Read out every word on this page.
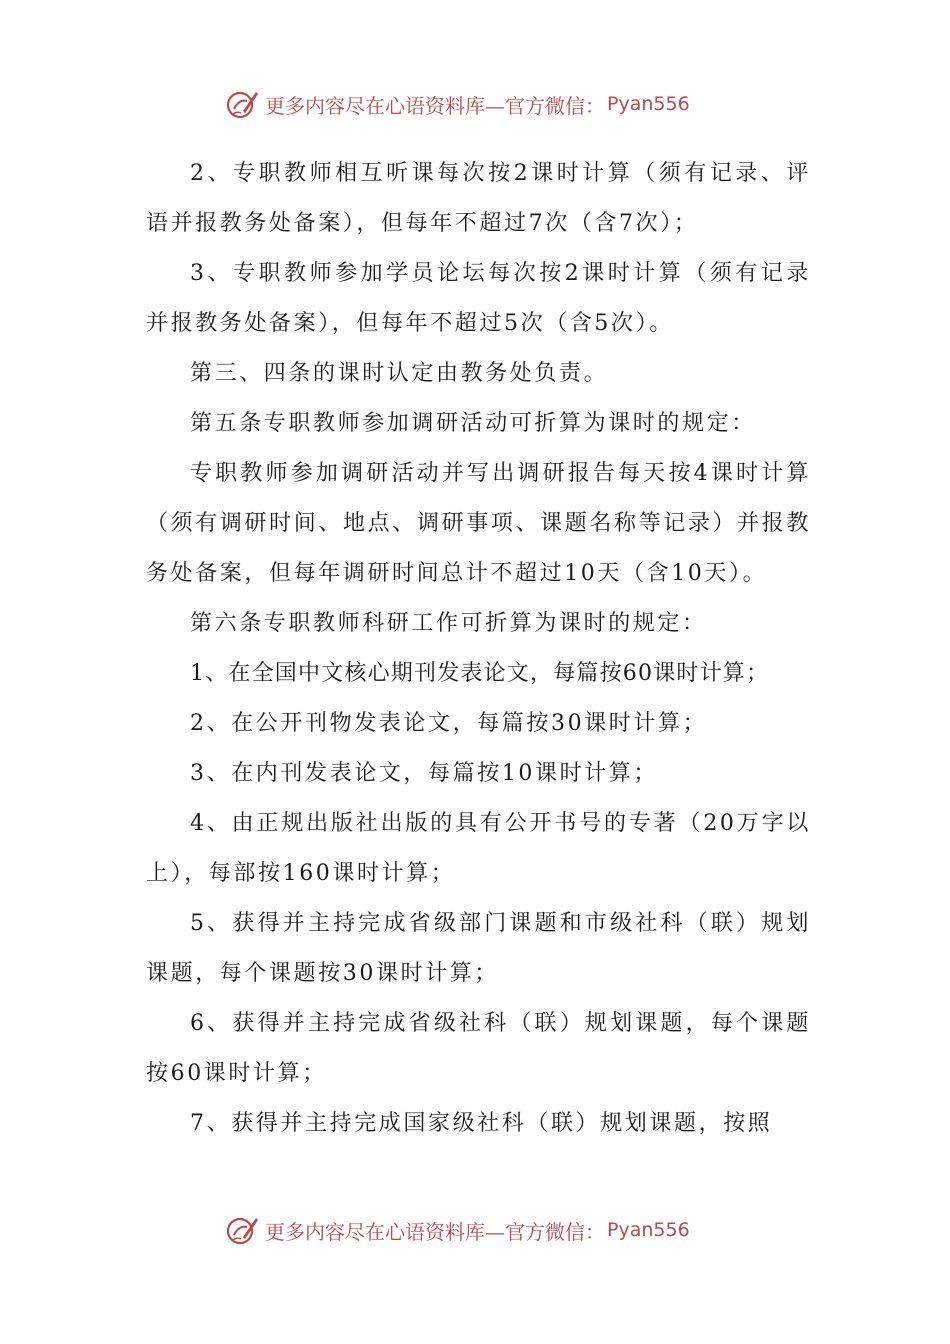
更多内容尽在心语资料库—官方微信： Pyan556

2、专职教师相互听课每次按2课时计算（须有记录、评语并报教务处备案），但每年不超过7次（含7次）；

3、专职教师参加学员论坛每次按2课时计算（须有记录并报教务处备案），但每年不超过5次（含5次）。

第三、四条的课时认定由教务处负责。

第五条专职教师参加调研活动可折算为课时的规定：

专职教师参加调研活动并写出调研报告每天按4课时计算（须有调研时间、地点、调研事项、课题名称等记录）并报教务处备案，但每年调研时间总计不超过10天（含10天）。

第六条专职教师科研工作可折算为课时的规定：

1、在全国中文核心期刊发表论文，每篇按60课时计算；

2、在公开刊物发表论文，每篇按30课时计算；

3、在内刊发表论文，每篇按10课时计算；

4、由正规出版社出版的具有公开书号的专著（20万字以上），每部按160课时计算；

5、获得并主持完成省级部门课题和市级社科（联）规划课题，每个课题按30课时计算；

6、获得并主持完成省级社科（联）规划课题，每个课题按60课时计算；

7、获得并主持完成国家级社科（联）规划课题，按照

更多内容尽在心语资料库—官方微信： Pyan556
